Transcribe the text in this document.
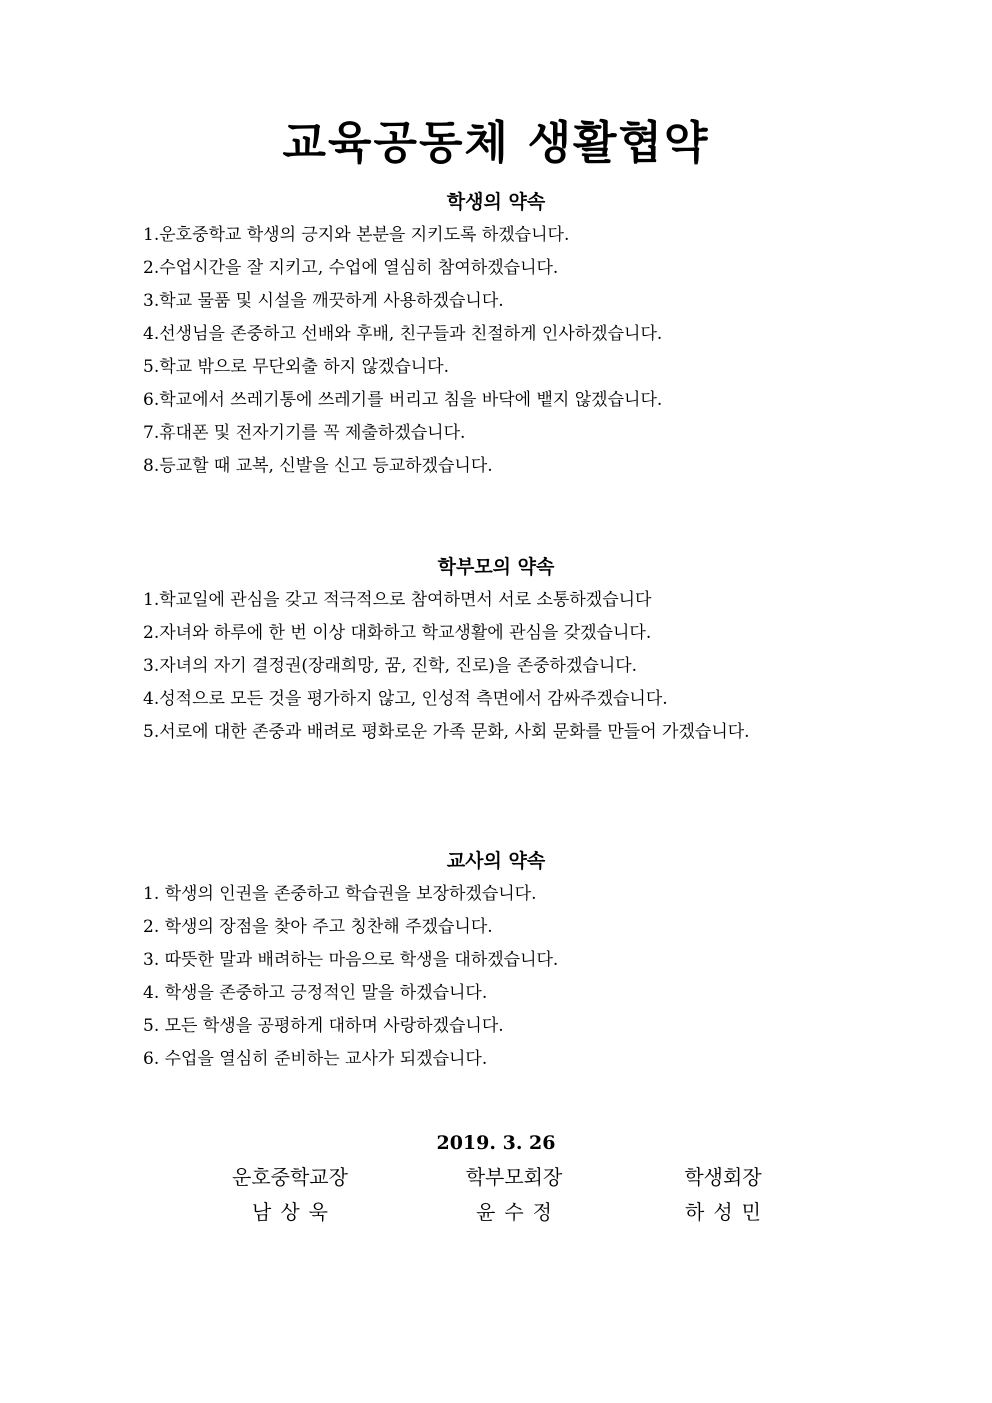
교육공동체 생활협약
학생의 약속
1.운호중학교 학생의 긍지와 본분을 지키도록 하겠습니다.
2.수업시간을 잘 지키고, 수업에 열심히 참여하겠습니다.
3.학교 물품 및 시설을 깨끗하게 사용하겠습니다.
4.선생님을 존중하고 선배와 후배, 친구들과 친절하게 인사하겠습니다.
5.학교 밖으로 무단외출 하지 않겠습니다.
6.학교에서 쓰레기통에 쓰레기를 버리고 침을 바닥에 뱉지 않겠습니다.
7.휴대폰 및 전자기기를 꼭 제출하겠습니다.
8.등교할 때 교복, 신발을 신고 등교하겠습니다.
학부모의 약속
1.학교일에 관심을 갖고 적극적으로 참여하면서 서로 소통하겠습니다
2.자녀와 하루에 한 번 이상 대화하고 학교생활에 관심을 갖겠습니다.
3.자녀의 자기 결정권(장래희망, 꿈, 진학, 진로)을 존중하겠습니다.
4.성적으로 모든 것을 평가하지 않고, 인성적 측면에서 감싸주겠습니다.
5.서로에 대한 존중과 배려로 평화로운 가족 문화, 사회 문화를 만들어 가겠습니다.
교사의 약속
1. 학생의 인권을 존중하고 학습권을 보장하겠습니다.
2. 학생의 장점을 찾아 주고 칭찬해 주겠습니다.
3. 따뜻한 말과 배려하는 마음으로 학생을 대하겠습니다.
4. 학생을 존중하고 긍정적인 말을 하겠습니다.
5. 모든 학생을 공평하게 대하며 사랑하겠습니다.
6. 수업을 열심히 준비하는 교사가 되겠습니다.
2019. 3. 26
운호중학교장
남상욱
학부모회장
윤수정
학생회장
하성민
